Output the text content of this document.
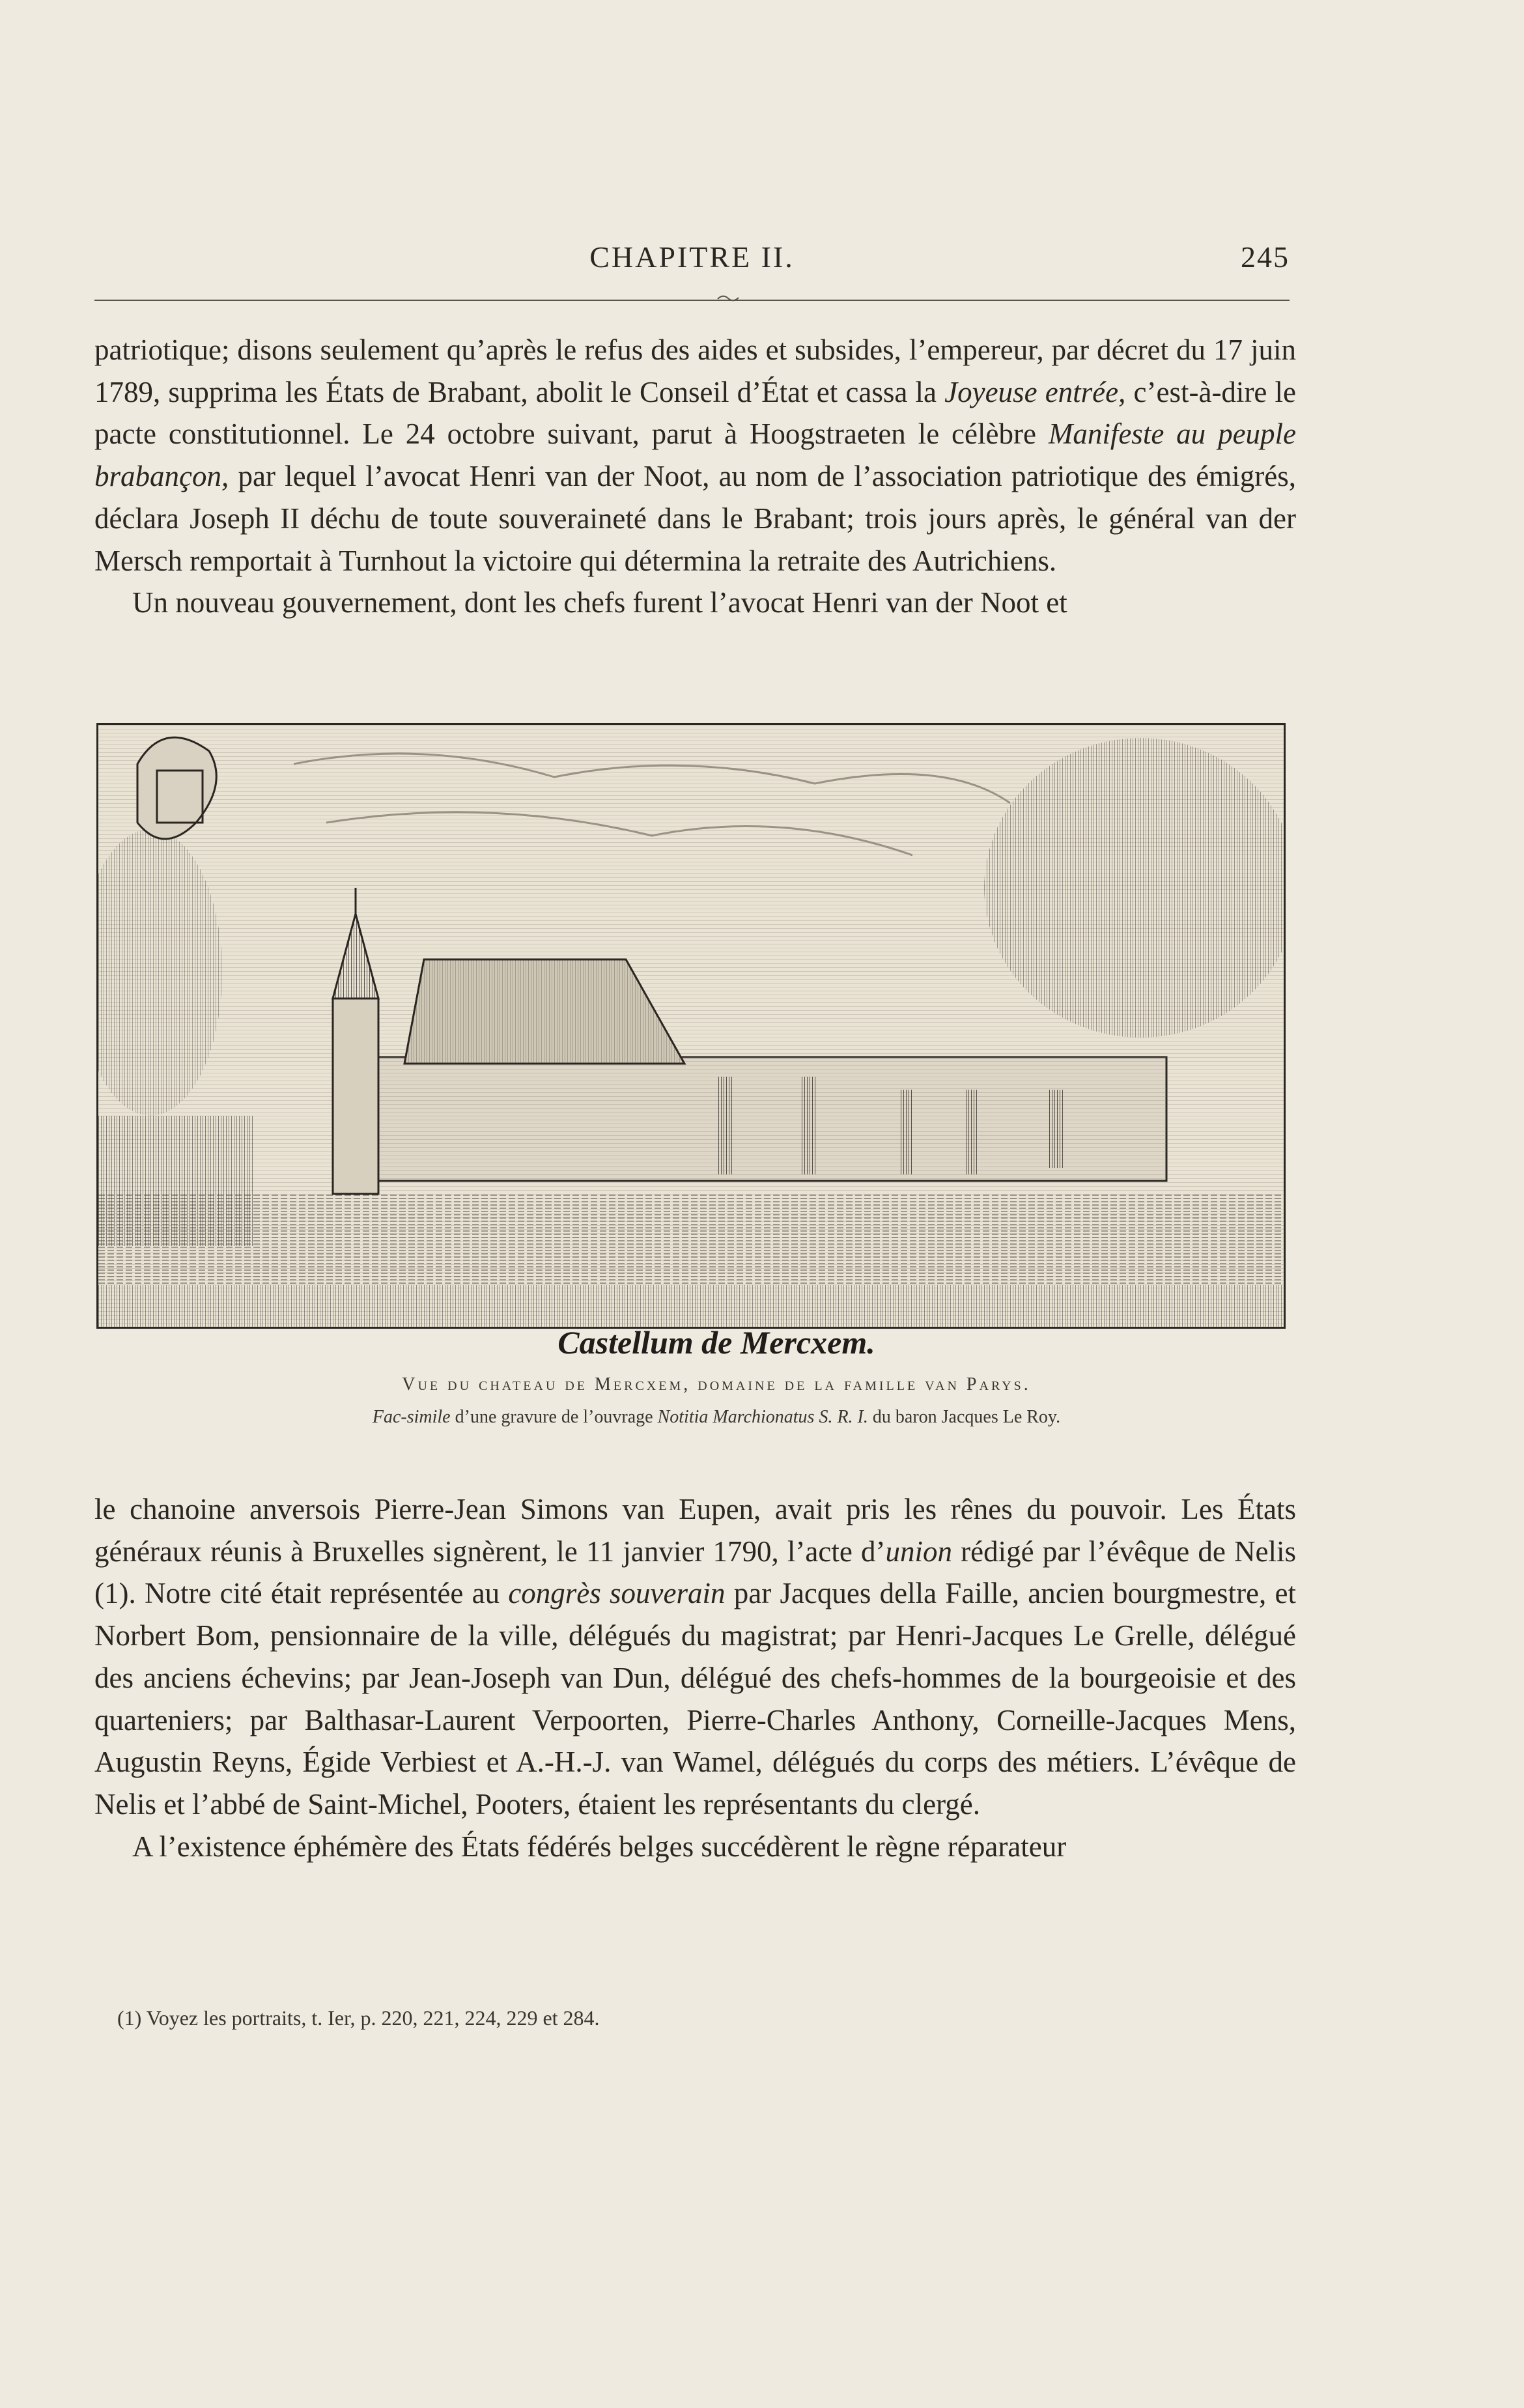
CHAPITRE II.	245

patriotique; disons seulement qu’après le refus des aides et subsides, l’empereur, par décret du 17 juin 1789, supprima les États de Brabant, abolit le Conseil d’État et cassa la Joyeuse entrée, c’est-à-dire le pacte constitutionnel. Le 24 octobre suivant, parut à Hoogstraeten le célèbre Manifeste au peuple brabançon, par lequel l’avocat Henri van der Noot, au nom de l’association patriotique des émigrés, déclara Joseph II déchu de toute souveraineté dans le Brabant; trois jours après, le général van der Mersch remportait à Turnhout la victoire qui détermina la retraite des Autrichiens.

Un nouveau gouvernement, dont les chefs furent l’avocat Henri van der Noot et

Castellum de Mercxem.
Vue du chateau de Mercxem, domaine de la famille van Parys.
Fac-simile d’une gravure de l’ouvrage Notitia Marchionatus S. R. I. du baron Jacques Le Roy.

le chanoine anversois Pierre-Jean Simons van Eupen, avait pris les rênes du pouvoir. Les États généraux réunis à Bruxelles signèrent, le 11 janvier 1790, l’acte d’union rédigé par l’évêque de Nelis (1). Notre cité était représentée au congrès souverain par Jacques della Faille, ancien bourgmestre, et Norbert Bom, pensionnaire de la ville, délégués du magistrat; par Henri-Jacques Le Grelle, délégué des anciens échevins; par Jean-Joseph van Dun, délégué des chefs-hommes de la bourgeoisie et des quarteniers; par Balthasar-Laurent Verpoorten, Pierre-Charles Anthony, Corneille-Jacques Mens, Augustin Reyns, Égide Verbiest et A.-H.-J. van Wamel, délégués du corps des métiers. L’évêque de Nelis et l’abbé de Saint-Michel, Pooters, étaient les représentants du clergé.

A l’existence éphémère des États fédérés belges succédèrent le règne réparateur

(1) Voyez les portraits, t. Ier, p. 220, 221, 224, 229 et 284.
